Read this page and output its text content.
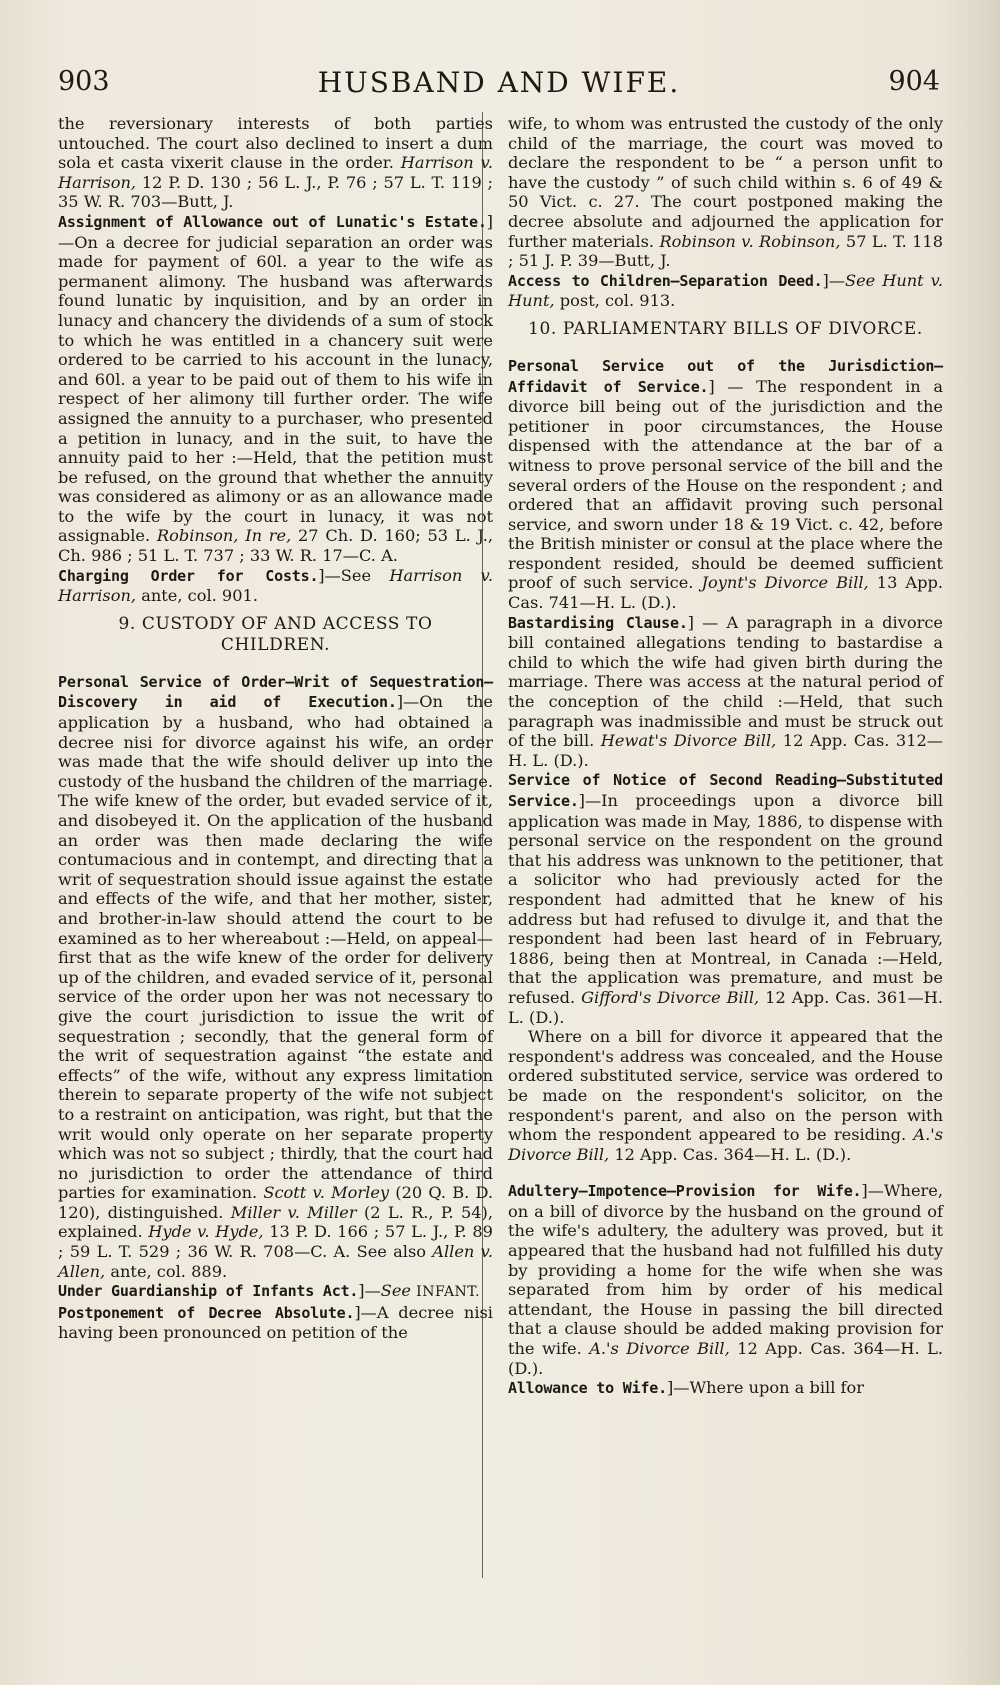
903	HUSBAND AND WIFE.	904

the reversionary interests of both parties untouched. The court also declined to insert a dum sola et casta vixerit clause in the order. Harrison v. Harrison, 12 P. D. 130 ; 56 L. J., P. 76 ; 57 L. T. 119 ; 35 W. R. 703—Butt, J.

Assignment of Allowance out of Lunatic's Estate.]—On a decree for judicial separation an order was made for payment of 60l. a year to the wife as permanent alimony. The husband was afterwards found lunatic by inquisition, and by an order in lunacy and chancery the dividends of a sum of stock to which he was entitled in a chancery suit were ordered to be carried to his account in the lunacy, and 60l. a year to be paid out of them to his wife in respect of her alimony till further order. The wife assigned the annuity to a purchaser, who presented a petition in lunacy, and in the suit, to have the annuity paid to her :—Held, that the petition must be refused, on the ground that whether the annuity was considered as alimony or as an allowance made to the wife by the court in lunacy, it was not assignable. Robinson, In re, 27 Ch. D. 160; 53 L. J., Ch. 986 ; 51 L. T. 737 ; 33 W. R. 17—C. A.

Charging Order for Costs.]—See Harrison v. Harrison, ante, col. 901.

9. CUSTODY OF AND ACCESS TO
CHILDREN.

Personal Service of Order—Writ of Sequestration—Discovery in aid of Execution.]—On the application by a husband, who had obtained a decree nisi for divorce against his wife, an order was made that the wife should deliver up into the custody of the husband the children of the marriage. The wife knew of the order, but evaded service of it, and disobeyed it. On the application of the husband an order was then made declaring the wife contumacious and in contempt, and directing that a writ of sequestration should issue against the estate and effects of the wife, and that her mother, sister, and brother-in-law should attend the court to be examined as to her whereabout :—Held, on appeal—first that as the wife knew of the order for delivery up of the children, and evaded service of it, personal service of the order upon her was not necessary to give the court jurisdiction to issue the writ of sequestration ; secondly, that the general form of the writ of sequestration against “the estate and effects” of the wife, without any express limitation therein to separate property of the wife not subject to a restraint on anticipation, was right, but that the writ would only operate on her separate property which was not so subject ; thirdly, that the court had no jurisdiction to order the attendance of third parties for examination. Scott v. Morley (20 Q. B. D. 120), distinguished. Miller v. Miller (2 L. R., P. 54), explained. Hyde v. Hyde, 13 P. D. 166 ; 57 L. J., P. 89 ; 59 L. T. 529 ; 36 W. R. 708—C. A. See also Allen v. Allen, ante, col. 889.

Under Guardianship of Infants Act.]—See INFANT.

Postponement of Decree Absolute.]—A decree nisi having been pronounced on petition of the

wife, to whom was entrusted the custody of the only child of the marriage, the court was moved to declare the respondent to be “ a person unfit to have the custody ” of such child within s. 6 of 49 & 50 Vict. c. 27. The court postponed making the decree absolute and adjourned the application for further materials. Robinson v. Robinson, 57 L. T. 118 ; 51 J. P. 39—Butt, J.

Access to Children—Separation Deed.]—See Hunt v. Hunt, post, col. 913.

10. PARLIAMENTARY BILLS OF DIVORCE.

Personal Service out of the Jurisdiction—Affidavit of Service.] — The respondent in a divorce bill being out of the jurisdiction and the petitioner in poor circumstances, the House dispensed with the attendance at the bar of a witness to prove personal service of the bill and the several orders of the House on the respondent ; and ordered that an affidavit proving such personal service, and sworn under 18 & 19 Vict. c. 42, before the British minister or consul at the place where the respondent resided, should be deemed sufficient proof of such service. Joynt's Divorce Bill, 13 App. Cas. 741—H. L. (D.).

Bastardising Clause.] — A paragraph in a divorce bill contained allegations tending to bastardise a child to which the wife had given birth during the marriage. There was access at the natural period of the conception of the child :—Held, that such paragraph was inadmissible and must be struck out of the bill. Hewat's Divorce Bill, 12 App. Cas. 312—H. L. (D.).

Service of Notice of Second Reading—Substituted Service.]—In proceedings upon a divorce bill application was made in May, 1886, to dispense with personal service on the respondent on the ground that his address was unknown to the petitioner, that a solicitor who had previously acted for the respondent had admitted that he knew of his address but had refused to divulge it, and that the respondent had been last heard of in February, 1886, being then at Montreal, in Canada :—Held, that the application was premature, and must be refused. Gifford's Divorce Bill, 12 App. Cas. 361—H. L. (D.).

Where on a bill for divorce it appeared that the respondent's address was concealed, and the House ordered substituted service, service was ordered to be made on the respondent's solicitor, on the respondent's parent, and also on the person with whom the respondent appeared to be residing. A.'s Divorce Bill, 12 App. Cas. 364—H. L. (D.).

Adultery—Impotence—Provision for Wife.]—Where, on a bill of divorce by the husband on the ground of the wife's adultery, the adultery was proved, but it appeared that the husband had not fulfilled his duty by providing a home for the wife when she was separated from him by order of his medical attendant, the House in passing the bill directed that a clause should be added making provision for the wife. A.'s Divorce Bill, 12 App. Cas. 364—H. L. (D.).

Allowance to Wife.]—Where upon a bill for
